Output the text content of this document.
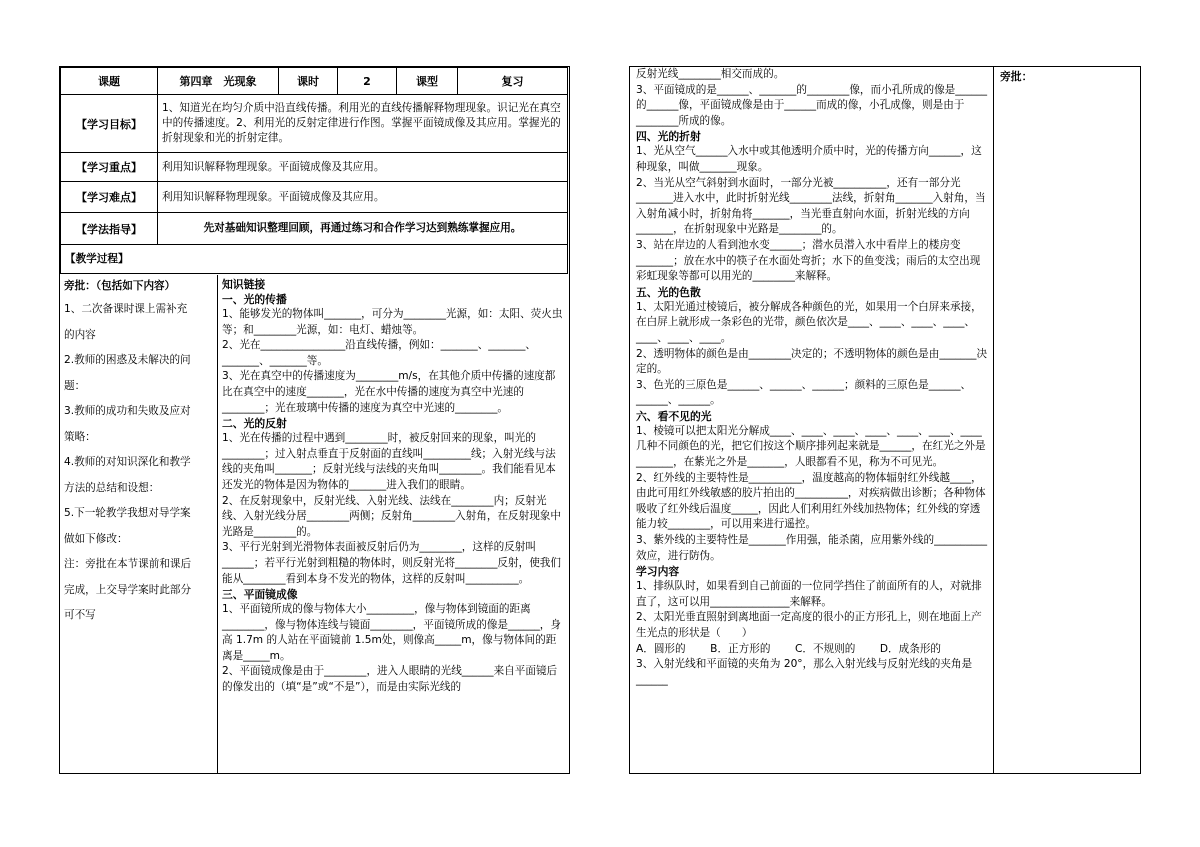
课题	第四章　光现象	课时	2	课型	复习
【学习目标】	1、知道光在均匀介质中沿直线传播。利用光的直线传播解释物理现象。识记光在真空中的传播速度。2、利用光的反射定律进行作图。掌握平面镜成像及其应用。掌握光的折射现象和光的折射定律。				
【学习重点】	利用知识解释物理现象。平面镜成像及其应用。				
【学习难点】	利用知识解释物理现象。平面镜成像及其应用。				
【学法指导】	先对基础知识整理回顾，再通过练习和合作学习达到熟练掌握应用。				
【教学过程】					
旁批：（包括如下内容）
1、二次备课时课上需补充
的内容
2.教师的困惑及未解决的问
题：
3.教师的成功和失败及应对
策略：
4.教师的对知识深化和教学
方法的总结和设想：
5.下一轮教学我想对导学案
做如下修改：
注：旁批在本节课前和课后
完成，上交导学案时此部分
可不写
知识链接
一、光的传播
1、能够发光的物体叫_______，可分为________光源，如：太阳、荧火虫等；和________光源，如：电灯、蜡烛等。
2、光在________________沿直线传播，例如：_______、_______、_______、_______等。
3、光在真空中的传播速度为________m/s，在其他介质中传播的速度都比在真空中的速度_______，光在水中传播的速度为真空中光速的________；光在玻璃中传播的速度为真空中光速的________。
二、光的反射
1、光在传播的过程中遇到________时，被反射回来的现象，叫光的________；过入射点垂直于反射面的直线叫_________线；入射光线与法线的夹角叫_______；反射光线与法线的夹角叫________。我们能看见本还发光的物体是因为物体的_______进入我们的眼睛。
2、在反射现象中，反射光线、入射光线、法线在________内；反射光线、入射光线分居________两侧；反射角________入射角，在反射现象中光路是________的。
3、平行光射到光滑物体表面被反射后仍为________，这样的反射叫______；若平行光射到粗糙的物体时，则反射光将________反射，使我们能从________看到本身不发光的物体，这样的反射叫__________。
三、平面镜成像
1、平面镜所成的像与物体大小_________，像与物体到镜面的距离________，像与物体连线与镜面________，平面镜所成的像是______，身高 1.7m 的人站在平面镜前 1.5m处，则像高_____m，像与物体间的距离是_____m。
2、平面镜成像是由于________，进入人眼睛的光线______来自平面镜后的像发出的（填“是”或“不是”），而是由实际光线的
反射光线________相交而成的。
3、平面镜成的是______、_______的________像，而小孔所成的像是______的______像，平面镜成像是由于______而成的像，小孔成像，则是由于________所成的像。
四、光的折射
1、光从空气______入水中或其他透明介质中时，光的传播方向______，这种现象，叫做_______现象。
2、当光从空气斜射到水面时，一部分光被__________，还有一部分光_______进入水中，此时折射光线________法线，折射角_______入射角，当入射角减小时，折射角将_______，当光垂直射向水面，折射光线的方向_______，在折射现象中光路是________的。
3、站在岸边的人看到池水变______；潜水员潜入水中看岸上的楼房变_______；放在水中的筷子在水面处弯折；水下的鱼变浅；雨后的太空出现彩虹现象等都可以用光的________来解释。
五、光的色散
1、太阳光通过棱镜后，被分解成各种颜色的光，如果用一个白屏来承接，在白屏上就形成一条彩色的光带，颜色依次是____、____、____、____、____、____、____。
2、透明物体的颜色是由________决定的；不透明物体的颜色是由_______决定的。
3、色光的三原色是______、______、______；颜料的三原色是______、______、______。
六、看不见的光
1、棱镜可以把太阳光分解成____、____、____、____、____、____、____几种不同颜色的光，把它们按这个顺序排列起来就是______，在红光之外是_______，在紫光之外是_______，人眼都看不见，称为不可见光。
2、红外线的主要特性是__________，温度越高的物体辐射红外线越____，由此可用红外线敏感的胶片拍出的__________，对疾病做出诊断；各种物体吸收了红外线后温度_____，因此人们利用红外线加热物体；红外线的穿透能力较________，可以用来进行遥控。
3、紫外线的主要特性是_______作用强，能杀菌，应用紫外线的__________效应，进行防伪。
学习内容
1、排纵队时，如果看到自己前面的一位同学挡住了前面所有的人，对就排直了，这可以用_______________来解释。
2、太阳光垂直照射到离地面一定高度的很小的正方形孔上，则在地面上产生光点的形状是（　　）
A．圆形的　　 B．正方形的　　 C．不规则的　　 D．成条形的
3、入射光线和平面镜的夹角为 20°，那么入射光线与反射光线的夹角是______
旁批：
